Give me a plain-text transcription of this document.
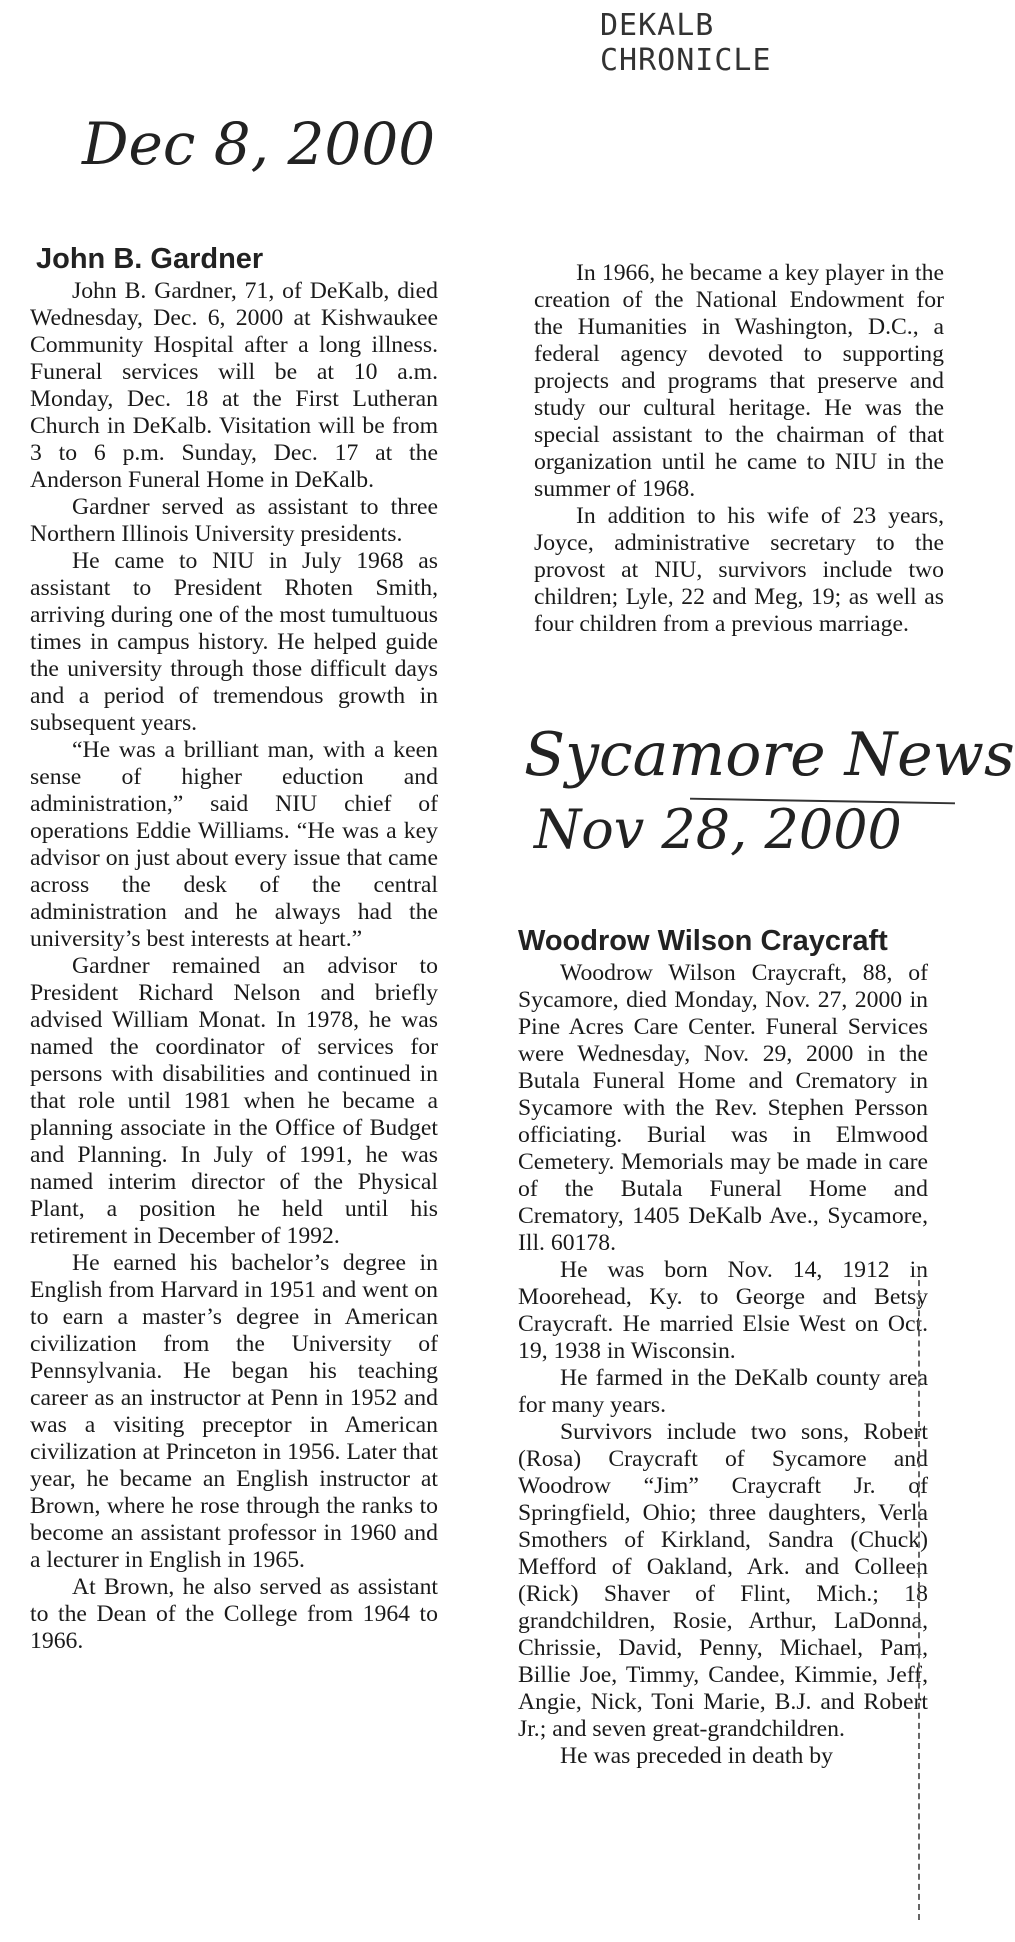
DEKALB CHRONICLE
Dec 8, 2000
Sycamore News
Nov 28, 2000
John B. Gardner

John B. Gardner, 71, of DeKalb, died Wednesday, Dec. 6, 2000 at Kishwaukee Community Hospital after a long illness. Funeral services will be at 10 a.m. Monday, Dec. 18 at the First Lutheran Church in DeKalb. Visitation will be from 3 to 6 p.m. Sunday, Dec. 17 at the Anderson Funeral Home in DeKalb.

Gardner served as assistant to three Northern Illinois University presidents.

He came to NIU in July 1968 as assistant to President Rhoten Smith, arriving during one of the most tumultuous times in campus history. He helped guide the university through those difficult days and a period of tremendous growth in subsequent years.

“He was a brilliant man, with a keen sense of higher eduction and administration,” said NIU chief of operations Eddie Williams. “He was a key advisor on just about every issue that came across the desk of the central administration and he always had the university’s best interests at heart.”

Gardner remained an advisor to President Richard Nelson and briefly advised William Monat. In 1978, he was named the coordinator of services for persons with disabilities and continued in that role until 1981 when he became a planning associate in the Office of Budget and Planning. In July of 1991, he was named interim director of the Physical Plant, a position he held until his retirement in December of 1992.

He earned his bachelor’s degree in English from Harvard in 1951 and went on to earn a master’s degree in American civilization from the University of Pennsylvania. He began his teaching career as an instructor at Penn in 1952 and was a visiting preceptor in American civilization at Princeton in 1956. Later that year, he became an English instructor at Brown, where he rose through the ranks to become an assistant professor in 1960 and a lecturer in English in 1965.

At Brown, he also served as assistant to the Dean of the College from 1964 to 1966.

In 1966, he became a key player in the creation of the National Endowment for the Humanities in Washington, D.C., a federal agency devoted to supporting projects and programs that preserve and study our cultural heritage. He was the special assistant to the chairman of that organization until he came to NIU in the summer of 1968.

In addition to his wife of 23 years, Joyce, administrative secretary to the provost at NIU, survivors include two children; Lyle, 22 and Meg, 19; as well as four children from a previous marriage.

Woodrow Wilson Craycraft

Woodrow Wilson Craycraft, 88, of Sycamore, died Monday, Nov. 27, 2000 in Pine Acres Care Center. Funeral Services were Wednesday, Nov. 29, 2000 in the Butala Funeral Home and Crematory in Sycamore with the Rev. Stephen Persson officiating. Burial was in Elmwood Cemetery. Memorials may be made in care of the Butala Funeral Home and Crematory, 1405 DeKalb Ave., Sycamore, Ill. 60178.

He was born Nov. 14, 1912 in Moorehead, Ky. to George and Betsy Craycraft. He married Elsie West on Oct. 19, 1938 in Wisconsin.

He farmed in the DeKalb county area for many years.

Survivors include two sons, Robert (Rosa) Craycraft of Sycamore and Woodrow “Jim” Craycraft Jr. of Springfield, Ohio; three daughters, Verla Smothers of Kirkland, Sandra (Chuck) Mefford of Oakland, Ark. and Colleen (Rick) Shaver of Flint, Mich.; 18 grandchildren, Rosie, Arthur, LaDonna, Chrissie, David, Penny, Michael, Pam, Billie Joe, Timmy, Candee, Kimmie, Jeff, Angie, Nick, Toni Marie, B.J. and Robert Jr.; and seven great-grandchildren.

He was preceded in death by
